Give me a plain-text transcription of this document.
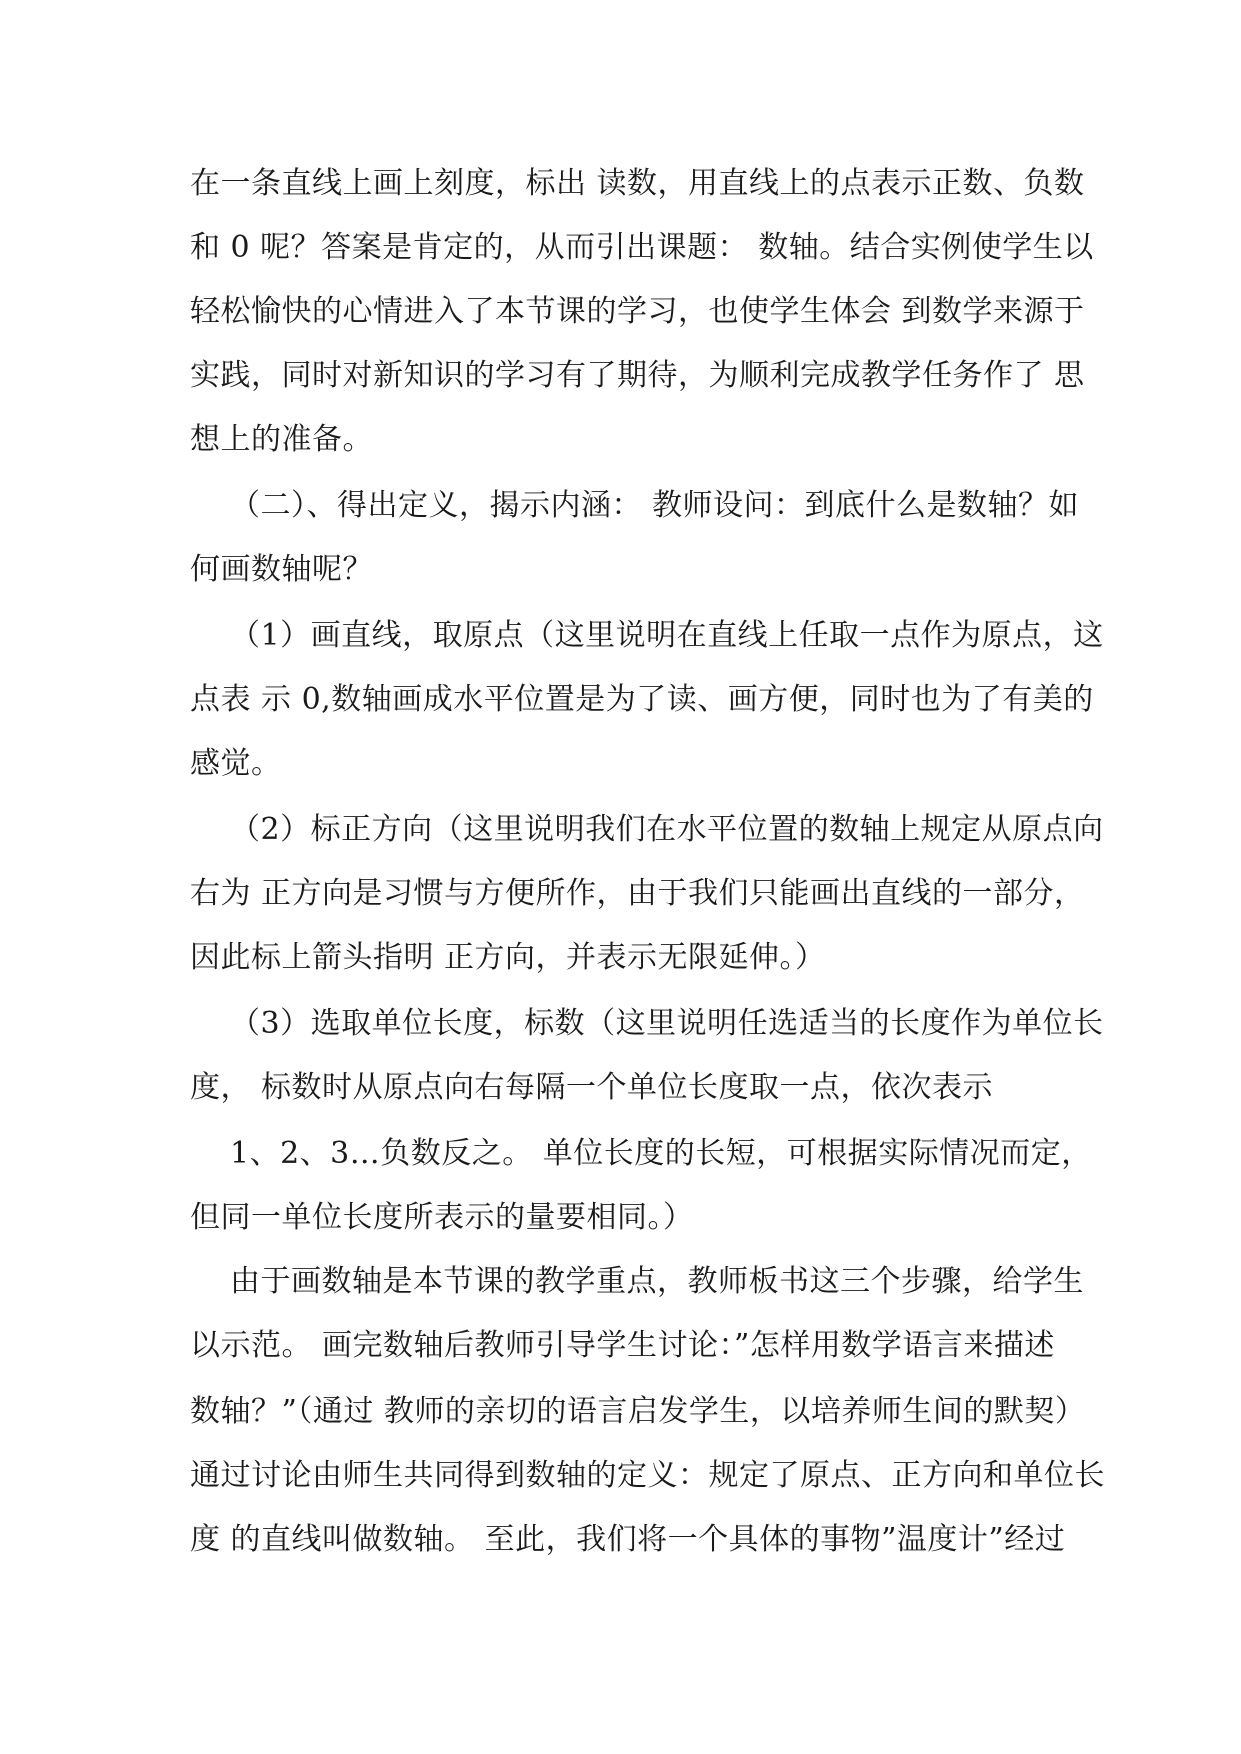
在一条直线上画上刻度，标出 读数，用直线上的点表示正数、负数

和 0 呢？答案是肯定的，从而引出课题： 数轴。结合实例使学生以

轻松愉快的心情进入了本节课的学习，也使学生体会 到数学来源于

实践，同时对新知识的学习有了期待，为顺利完成教学任务作了 思

想上的准备。

（二）、得出定义，揭示内涵： 教师设问：到底什么是数轴？如

何画数轴呢？

（1）画直线，取原点（这里说明在直线上任取一点作为原点，这

点表 示 0,数轴画成水平位置是为了读、画方便，同时也为了有美的

感觉。

（2）标正方向（这里说明我们在水平位置的数轴上规定从原点向

右为 正方向是习惯与方便所作，由于我们只能画出直线的一部分，

因此标上箭头指明 正方向，并表示无限延伸。）

（3）选取单位长度，标数（这里说明任选适当的长度作为单位长

度， 标数时从原点向右每隔一个单位长度取一点，依次表示

1、2、3…负数反之。 单位长度的长短，可根据实际情况而定，

但同一单位长度所表示的量要相同。）

由于画数轴是本节课的教学重点，教师板书这三个步骤，给学生

以示范。 画完数轴后教师引导学生讨论：”怎样用数学语言来描述

数轴？”（通过 教师的亲切的语言启发学生，以培养师生间的默契）

通过讨论由师生共同得到数轴的定义：规定了原点、正方向和单位长

度 的直线叫做数轴。 至此，我们将一个具体的事物”温度计”经过
